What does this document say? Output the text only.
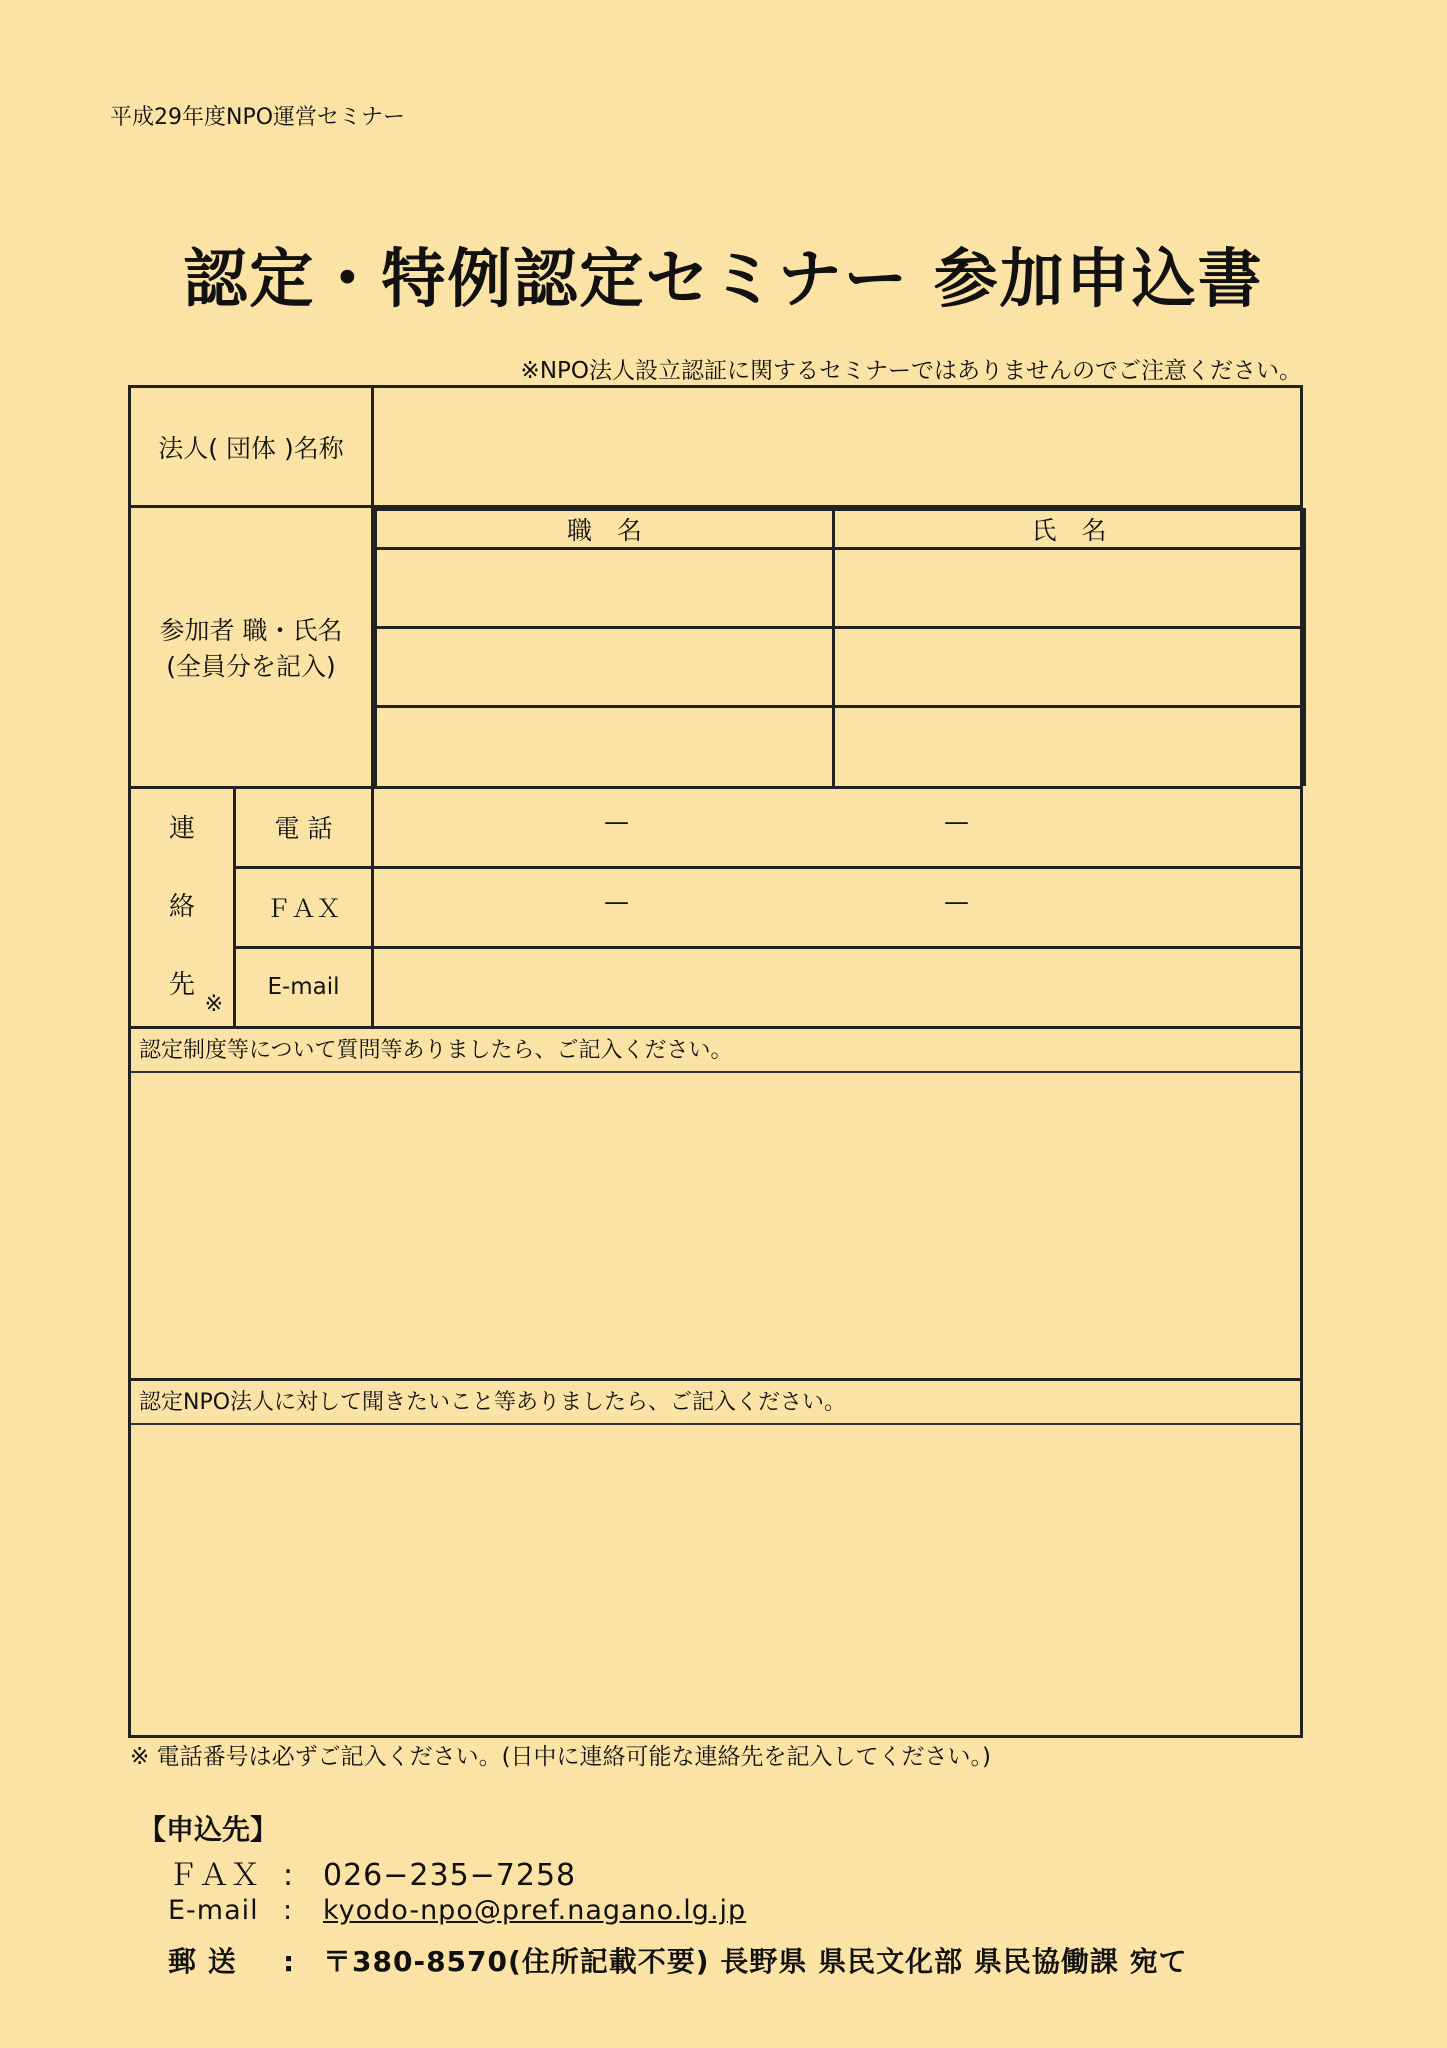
平成29年度NPO運営セミナー
認定・特例認定セミナー 参加申込書
※NPO法人設立認証に関するセミナーではありませんのでご注意ください。
法人( 団体 )名称	

参加者 職・氏名
(全員分を記入)

職　名	氏　名

連
絡
先
※
	電 話	—	—

ＦＡＸ	—	—

E-mail	

認定制度等について質問等ありましたら、ご記入ください。

認定NPO法人に対して聞きたいこと等ありましたら、ご記入ください。
※ 電話番号は必ずご記入ください。(日中に連絡可能な連絡先を記入してください。)
【申込先】
ＦＡＸ : 026−235−7258
E-mail : kyodo-npo@pref.nagano.lg.jp
郵 送 : 〒380-8570(住所記載不要) 長野県 県民文化部 県民協働課 宛て
